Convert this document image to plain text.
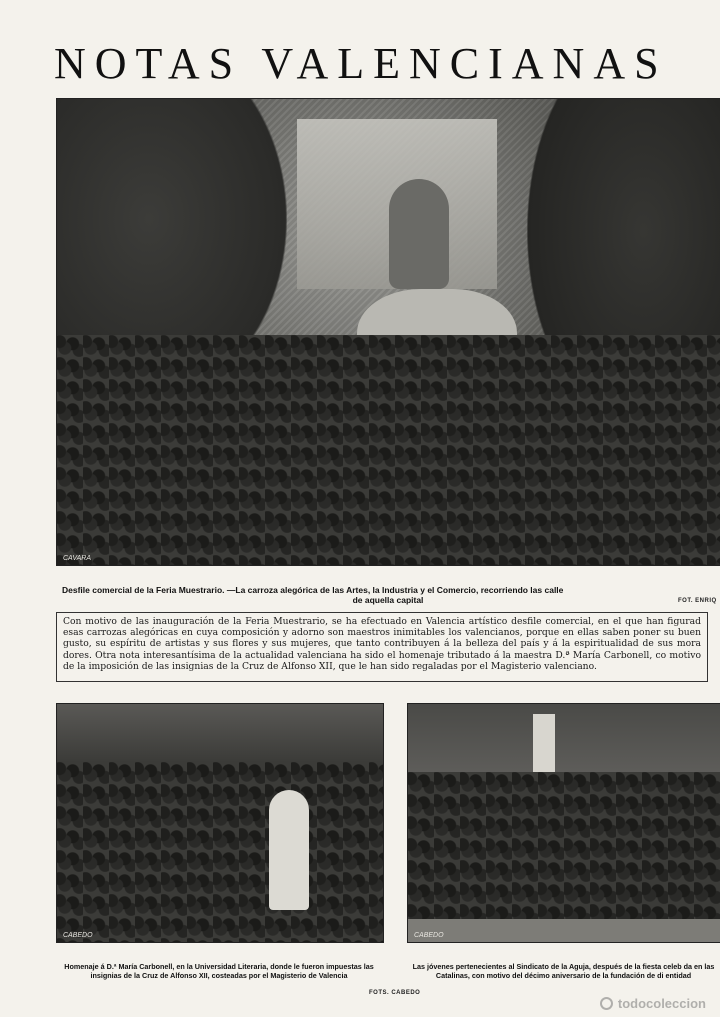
NOTAS VALENCIANAS
CAVARA
Desfile comercial de la Feria Muestrario. —La carroza alegórica de las Artes, la Industria y el Comercio, recorriendo las calle
de aquella capital	FOT. ENRIQ
Con motivo de las inauguración de la Feria Muestrario, se ha efectuado en Valencia artístico desfile comercial, en el que han figurad esas carrozas alegóricas en cuya composición y adorno son maestros inimitables los valencianos, porque en ellas saben poner su buen gusto, su espíritu de artistas y sus flores y sus mujeres, que tanto contribuyen á la belleza del país y á la espiritualidad de sus mora dores. Otra nota interesantísima de la actualidad valenciana ha sido el homenaje tributado á la maestra D.ª María Carbonell, co motivo de la imposición de las insignias de la Cruz de Alfonso XII, que le han sido regaladas por el Magisterio valenciano.
CABEDO	CABEDO
Homenaje á D.ª María Carbonell, en la Universidad Literaria, donde le fueron impuestas las insignias de la Cruz de Alfonso XII, costeadas por el Magisterio de Valencia
Las jóvenes pertenecientes al Sindicato de la Aguja, después de la fiesta celeb da en las Catalinas, con motivo del décimo aniversario de la fundación de di entidad
FOTS. CABEDO
todocoleccion
